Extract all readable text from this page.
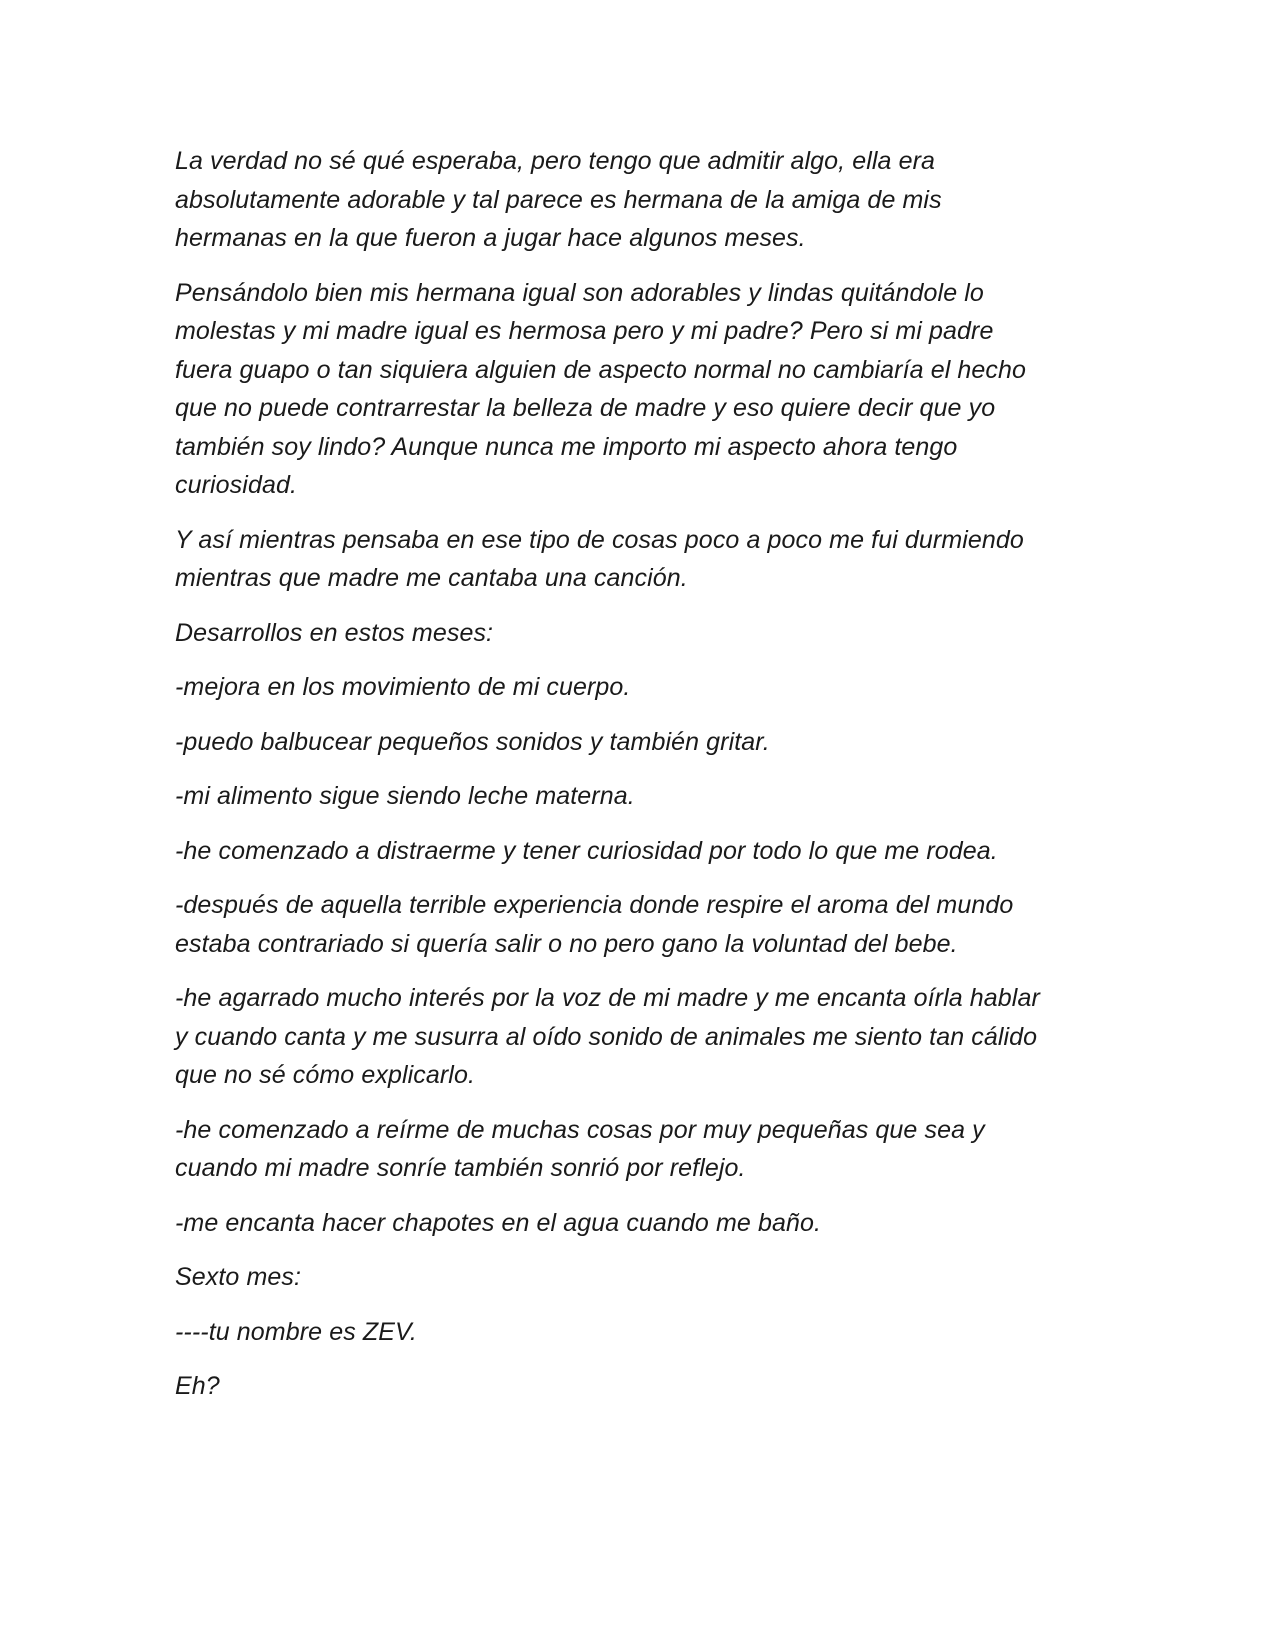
La verdad no sé qué esperaba, pero tengo que admitir algo, ella era
absolutamente adorable y tal parece es hermana de la amiga de mis
hermanas en la que fueron a jugar hace algunos meses.

Pensándolo bien mis hermana igual son adorables y lindas quitándole lo
molestas y mi madre igual es hermosa pero y mi padre? Pero si mi padre
fuera guapo o tan siquiera alguien de aspecto normal no cambiaría el hecho
que no puede contrarrestar la belleza de madre y eso quiere decir que yo
también soy lindo? Aunque nunca me importo mi aspecto ahora tengo
curiosidad.

Y así mientras pensaba en ese tipo de cosas poco a poco me fui durmiendo
mientras que madre me cantaba una canción.

Desarrollos en estos meses:

-mejora en los movimiento de mi cuerpo.

-puedo balbucear pequeños sonidos y también gritar.

-mi alimento sigue siendo leche materna.

-he comenzado a distraerme y tener curiosidad por todo lo que me rodea.

-después de aquella terrible experiencia donde respire el aroma del mundo
estaba contrariado si quería salir o no pero gano la voluntad del bebe.

-he agarrado mucho interés por la voz de mi madre y me encanta oírla hablar
y cuando canta y me susurra al oído sonido de animales me siento tan cálido
que no sé cómo explicarlo.

-he comenzado a reírme de muchas cosas por muy pequeñas que sea y
cuando mi madre sonríe también sonrió por reflejo.

-me encanta hacer chapotes en el agua cuando me baño.

Sexto mes:

----tu nombre es ZEV.

Eh?
